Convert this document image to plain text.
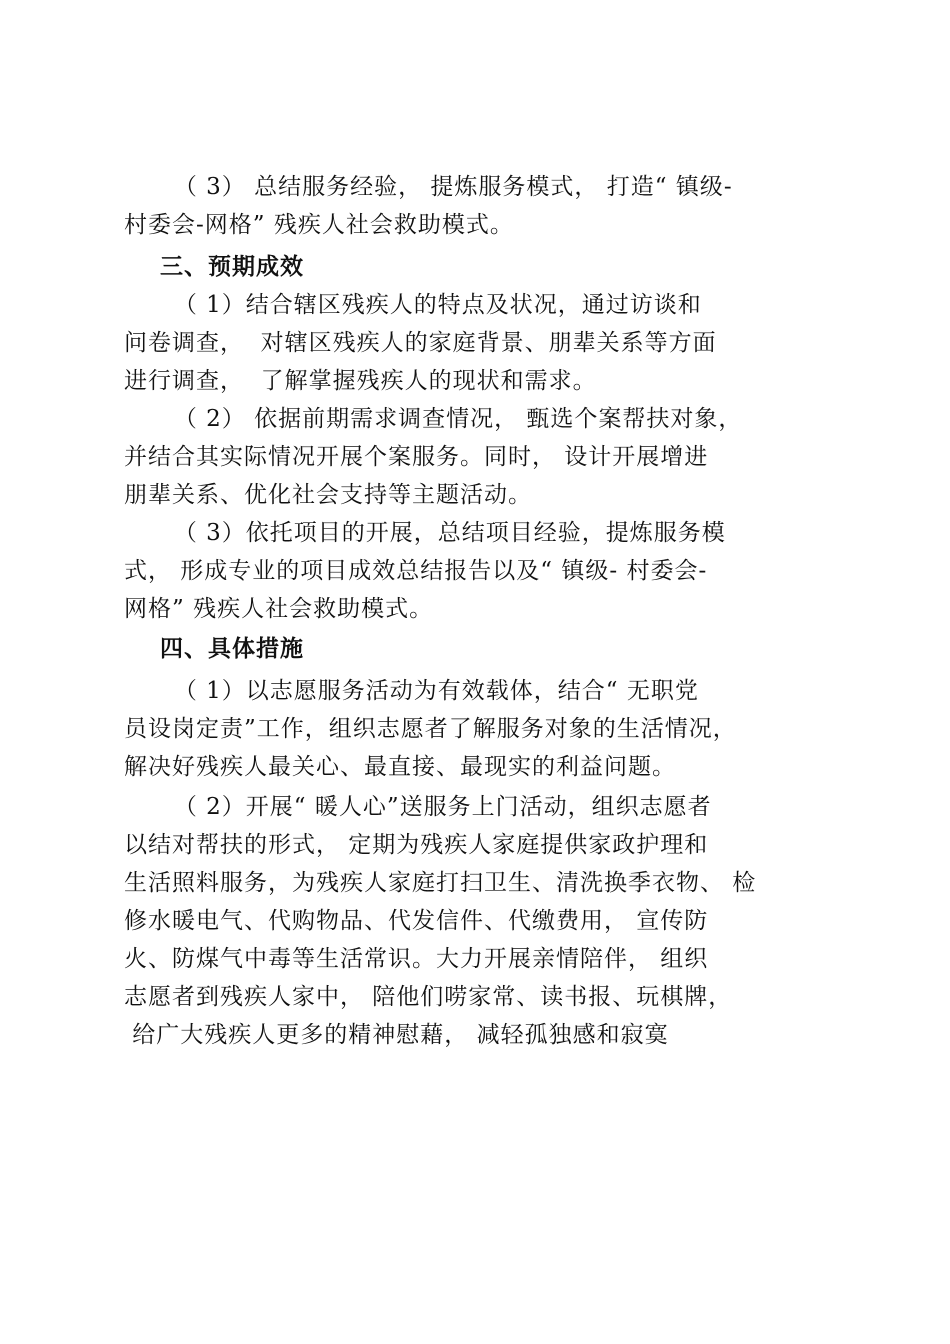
（ 3） 总结服务经验， 提炼服务模式， 打造“ 镇级-
村委会-网格” 残疾人社会救助模式。
三、预期成效
（ 1）结合辖区残疾人的特点及状况，通过访谈和
问卷调查，  对辖区残疾人的家庭背景、朋辈关系等方面
进行调查，  了解掌握残疾人的现状和需求。
（ 2） 依据前期需求调查情况， 甄选个案帮扶对象，
并结合其实际情况开展个案服务。同时， 设计开展增进
朋辈关系、优化社会支持等主题活动。
（ 3）依托项目的开展，总结项目经验，提炼服务模
式， 形成专业的项目成效总结报告以及“ 镇级- 村委会-
网格” 残疾人社会救助模式。
四、具体措施
（ 1）以志愿服务活动为有效载体，结合“ 无职党
员设岗定责”工作，组织志愿者了解服务对象的生活情况，
解决好残疾人最关心、最直接、最现实的利益问题。
（ 2）开展“ 暖人心”送服务上门活动，组织志愿者
以结对帮扶的形式， 定期为残疾人家庭提供家政护理和
生活照料服务，为残疾人家庭打扫卫生、清洗换季衣物、 检
修水暖电气、代购物品、代发信件、代缴费用， 宣传防
火、防煤气中毒等生活常识。大力开展亲情陪伴， 组织
志愿者到残疾人家中， 陪他们唠家常、读书报、玩棋牌，
给广大残疾人更多的精神慰藉， 减轻孤独感和寂寞
